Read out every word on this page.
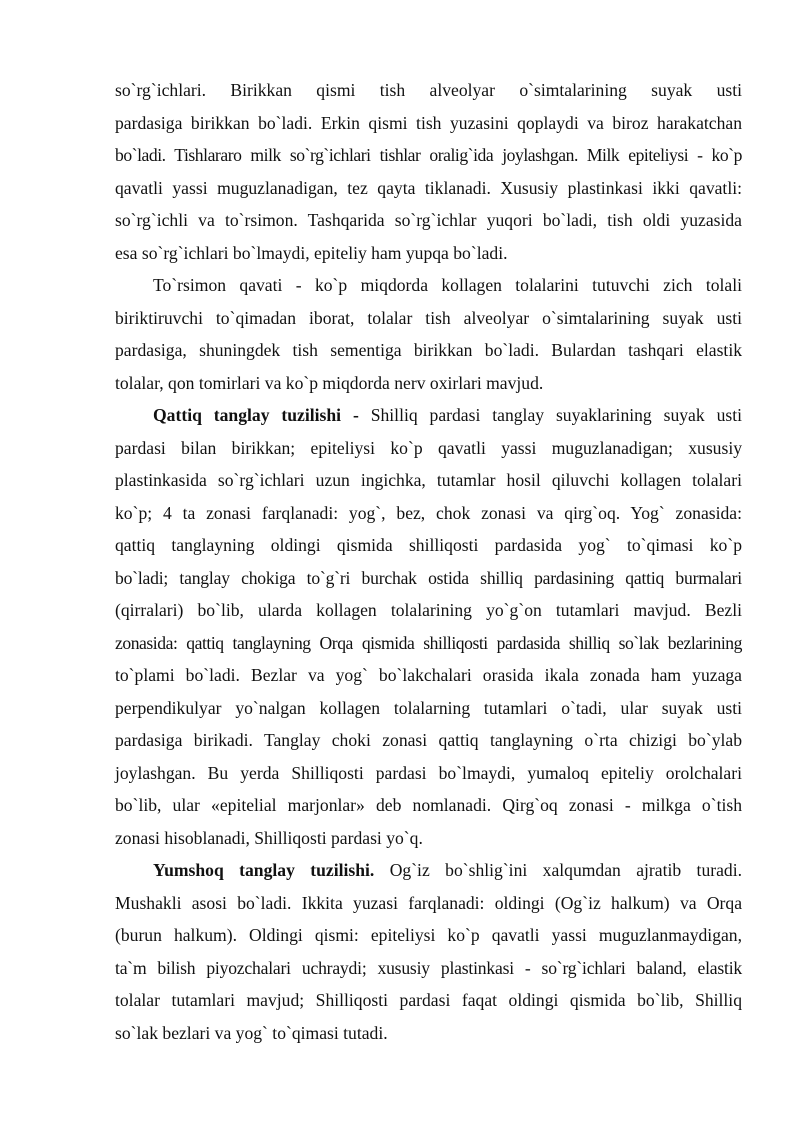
so`rg`ichlari. Birikkan qismi tish alveolyar o`simtalarining suyak usti
pardasiga birikkan bo`ladi. Erkin qismi tish yuzasini qoplaydi va biroz harakatchan
bo`ladi. Tishlararo milk so`rg`ichlari tishlar oralig`ida joylashgan. Milk epiteliysi - ko`p
qavatli yassi muguzlanadigan, tez qayta tiklanadi. Xususiy plastinkasi ikki qavatli:
so`rg`ichli va to`rsimon. Tashqarida so`rg`ichlar yuqori bo`ladi, tish oldi yuzasida
esa so`rg`ichlari bo`lmaydi, epiteliy ham yupqa bo`ladi.
To`rsimon qavati - ko`p miqdorda kollagen tolalarini tutuvchi zich tolali
biriktiruvchi to`qimadan iborat, tolalar tish alveolyar o`simtalarining suyak usti
pardasiga, shuningdek tish sementiga birikkan bo`ladi. Bulardan tashqari elastik
tolalar, qon tomirlari va ko`p miqdorda nerv oxirlari mavjud.
Qattiq tanglay tuzilishi - Shilliq pardasi tanglay suyaklarining suyak usti
pardasi bilan birikkan; epiteliysi ko`p qavatli yassi muguzlanadigan; xususiy
plastinkasida so`rg`ichlari uzun ingichka, tutamlar hosil qiluvchi kollagen tolalari
ko`p; 4 ta zonasi farqlanadi: yog`, bez, chok zonasi va qirg`oq. Yog` zonasida:
qattiq tanglayning oldingi qismida shilliqosti pardasida yog` to`qimasi ko`p
bo`ladi; tanglay chokiga to`g`ri burchak ostida shilliq pardasining qattiq burmalari
(qirralari) bo`lib, ularda kollagen tolalarining yo`g`on tutamlari mavjud. Bezli
zonasida: qattiq tanglayning Orqa qismida shilliqosti pardasida shilliq so`lak bezlarining
to`plami bo`ladi. Bezlar va yog` bo`lakchalari orasida ikala zonada ham yuzaga
perpendikulyar yo`nalgan kollagen tolalarning tutamlari o`tadi, ular suyak usti
pardasiga birikadi. Tanglay choki zonasi qattiq tanglayning o`rta chizigi bo`ylab
joylashgan. Bu yerda Shilliqosti pardasi bo`lmaydi, yumaloq epiteliy orolchalari
bo`lib, ular «epitelial marjonlar» deb nomlanadi. Qirg`oq zonasi - milkga o`tish
zonasi hisoblanadi, Shilliqosti pardasi yo`q.
Yumshoq tanglay tuzilishi. Og`iz bo`shlig`ini xalqumdan ajratib turadi.
Mushakli asosi bo`ladi. Ikkita yuzasi farqlanadi: oldingi (Og`iz halkum) va Orqa
(burun halkum). Oldingi qismi: epiteliysi ko`p qavatli yassi muguzlanmaydigan,
ta`m bilish piyozchalari uchraydi; xususiy plastinkasi - so`rg`ichlari baland, elastik
tolalar tutamlari mavjud; Shilliqosti pardasi faqat oldingi qismida bo`lib, Shilliq
so`lak bezlari va yog` to`qimasi tutadi.
